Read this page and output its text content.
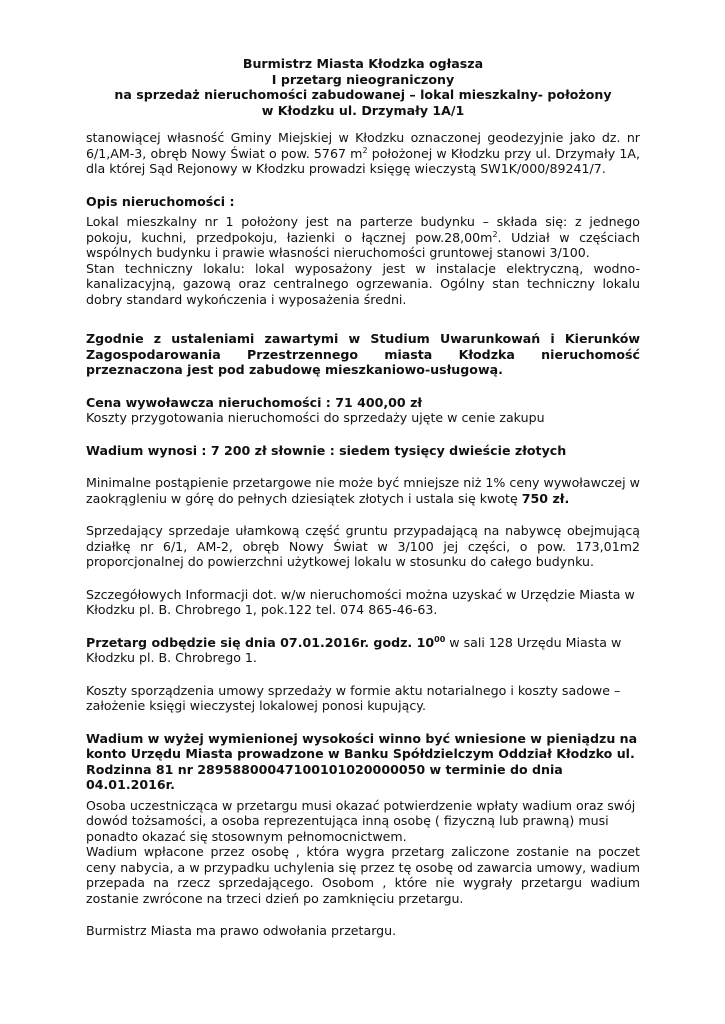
Burmistrz Miasta Kłodzka ogłasza
I przetarg nieograniczony
na sprzedaż nieruchomości zabudowanej – lokal mieszkalny- położony
w Kłodzku ul. Drzymały 1A/1

stanowiącej własność Gminy Miejskiej w Kłodzku oznaczonej geodezyjnie jako dz. nr 6/1,AM-3, obręb Nowy Świat o pow. 5767 $m^2$ położonej w Kłodzku przy ul. Drzymały 1A, dla której Sąd Rejonowy w Kłodzku prowadzi księgę wieczystą SW1K/000/89241/7.

Opis nieruchomości :

Lokal mieszkalny nr 1 położony jest na parterze budynku – składa się: z jednego pokoju, kuchni, przedpokoju, łazienki o łącznej $pow.28,00m^2$. Udział w częściach wspólnych budynku i prawie własności nieruchomości gruntowej stanowi 3/100.

Stan techniczny lokalu: lokal wyposażony jest w instalacje elektryczną, wodno-kanalizacyjną, gazową oraz centralnego ogrzewania. Ogólny stan techniczny lokalu dobry standard wykończenia i wyposażenia średni.

Zgodnie z ustaleniami zawartymi w Studium Uwarunkowań i Kierunków Zagospodarowania Przestrzennego miasta Kłodzka nieruchomość przeznaczona jest pod zabudowę mieszkaniowo-usługową.

Cena wywoławcza nieruchomości : 71 400,00 zł

Koszty przygotowania nieruchomości do sprzedaży ujęte w cenie zakupu

Wadium wynosi : 7 200 zł słownie : siedem tysięcy dwieście złotych

Minimalne postąpienie przetargowe nie może być mniejsze niż 1% ceny wywoławczej w zaokrągleniu w górę do pełnych dziesiątek złotych i ustala się kwotę 750 zł.

Sprzedający sprzedaje ułamkową część gruntu przypadającą na nabywcę obejmującą działkę nr 6/1, AM-2, obręb Nowy Świat w 3/100 jej części, o pow. 173,01m2 proporcjonalnej do powierzchni użytkowej lokalu w stosunku do całego budynku.

Szczegółowych Informacji dot. w/w nieruchomości można uzyskać w Urzędzie Miasta w Kłodzku pl. B. Chrobrego 1, pok.122 tel. 074 865-46-63.

Przetarg odbędzie się dnia 07.01.2016r. godz. $10^{00}$ w sali 128 Urzędu Miasta w Kłodzku pl. B. Chrobrego 1.

Koszty sporządzenia umowy sprzedaży w formie aktu notarialnego i koszty sadowe – założenie księgi wieczystej lokalowej ponosi kupujący.

Wadium w wyżej wymienionej wysokości winno być wniesione w pieniądzu na konto Urzędu Miasta prowadzone w Banku Spółdzielczym Oddział Kłodzko ul. Rodzinna 81 nr 28958800047100101020000050 w terminie do dnia 04.01.2016r.

Osoba uczestnicząca w przetargu musi okazać potwierdzenie wpłaty wadium oraz swój dowód tożsamości, a osoba reprezentująca inną osobę ( fizyczną lub prawną) musi ponadto okazać się stosownym pełnomocnictwem.

Wadium wpłacone przez osobę , która wygra przetarg zaliczone zostanie na poczet ceny nabycia, a w przypadku uchylenia się przez tę osobę od zawarcia umowy, wadium przepada na rzecz sprzedającego. Osobom , które nie wygrały przetargu wadium zostanie zwrócone na trzeci dzień po zamknięciu przetargu.

Burmistrz Miasta ma prawo odwołania przetargu.
